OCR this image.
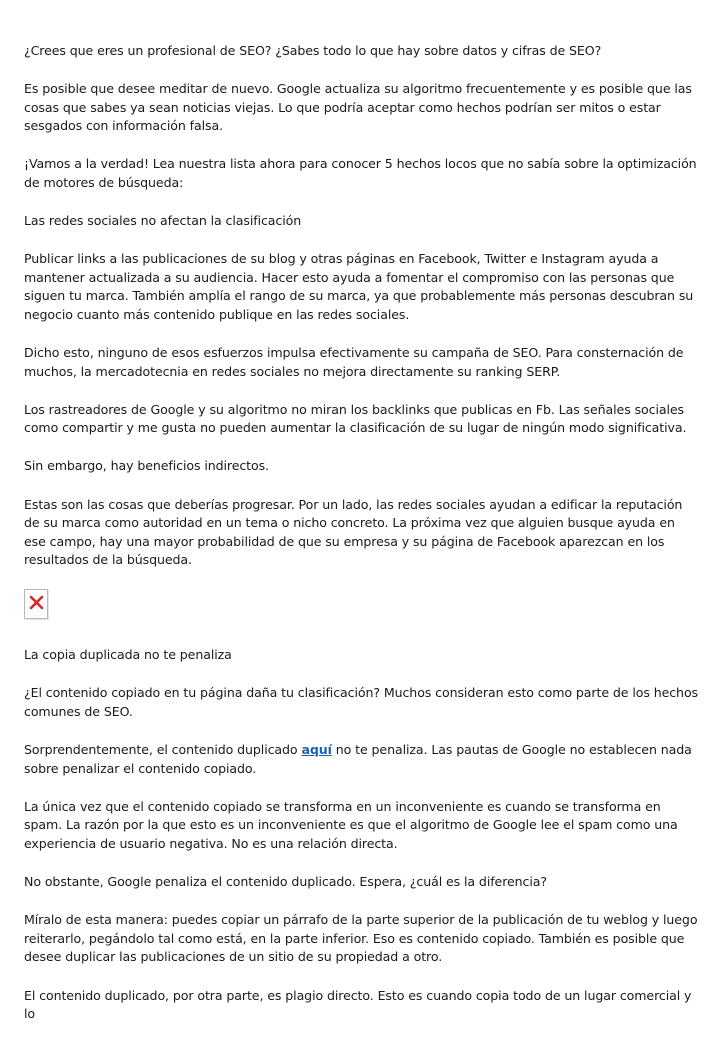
¿Crees que eres un profesional de SEO? ¿Sabes todo lo que hay sobre datos y cifras de SEO?

Es posible que desee meditar de nuevo. Google actualiza su algoritmo frecuentemente y es posible que las cosas que sabes ya sean noticias viejas. Lo que podría aceptar como hechos podrían ser mitos o estar sesgados con información falsa.

¡Vamos a la verdad! Lea nuestra lista ahora para conocer 5 hechos locos que no sabía sobre la optimización de motores de búsqueda:

Las redes sociales no afectan la clasificación

Publicar links a las publicaciones de su blog y otras páginas en Facebook, Twitter e Instagram ayuda a mantener actualizada a su audiencia. Hacer esto ayuda a fomentar el compromiso con las personas que siguen tu marca. También amplía el rango de su marca, ya que probablemente más personas descubran su negocio cuanto más contenido publique en las redes sociales.

Dicho esto, ninguno de esos esfuerzos impulsa efectivamente su campaña de SEO. Para consternación de muchos, la mercadotecnia en redes sociales no mejora directamente su ranking SERP.

Los rastreadores de Google y su algoritmo no miran los backlinks que publicas en Fb. Las señales sociales como compartir y me gusta no pueden aumentar la clasificación de su lugar de ningún modo significativa.

Sin embargo, hay beneficios indirectos.

Estas son las cosas que deberías progresar. Por un lado, las redes sociales ayudan a edificar la reputación de su marca como autoridad en un tema o nicho concreto. La próxima vez que alguien busque ayuda en ese campo, hay una mayor probabilidad de que su empresa y su página de Facebook aparezcan en los resultados de la búsqueda.

La copia duplicada no te penaliza

¿El contenido copiado en tu página daña tu clasificación? Muchos consideran esto como parte de los hechos comunes de SEO.

Sorprendentemente, el contenido duplicado aquí no te penaliza. Las pautas de Google no establecen nada sobre penalizar el contenido copiado.

La única vez que el contenido copiado se transforma en un inconveniente es cuando se transforma en spam. La razón por la que esto es un inconveniente es que el algoritmo de Google lee el spam como una experiencia de usuario negativa. No es una relación directa.

No obstante, Google penaliza el contenido duplicado. Espera, ¿cuál es la diferencia?

Míralo de esta manera: puedes copiar un párrafo de la parte superior de la publicación de tu weblog y luego reiterarlo, pegándolo tal como está, en la parte inferior. Eso es contenido copiado. También es posible que desee duplicar las publicaciones de un sitio de su propiedad a otro.

El contenido duplicado, por otra parte, es plagio directo. Esto es cuando copia todo de un lugar comercial y lo
